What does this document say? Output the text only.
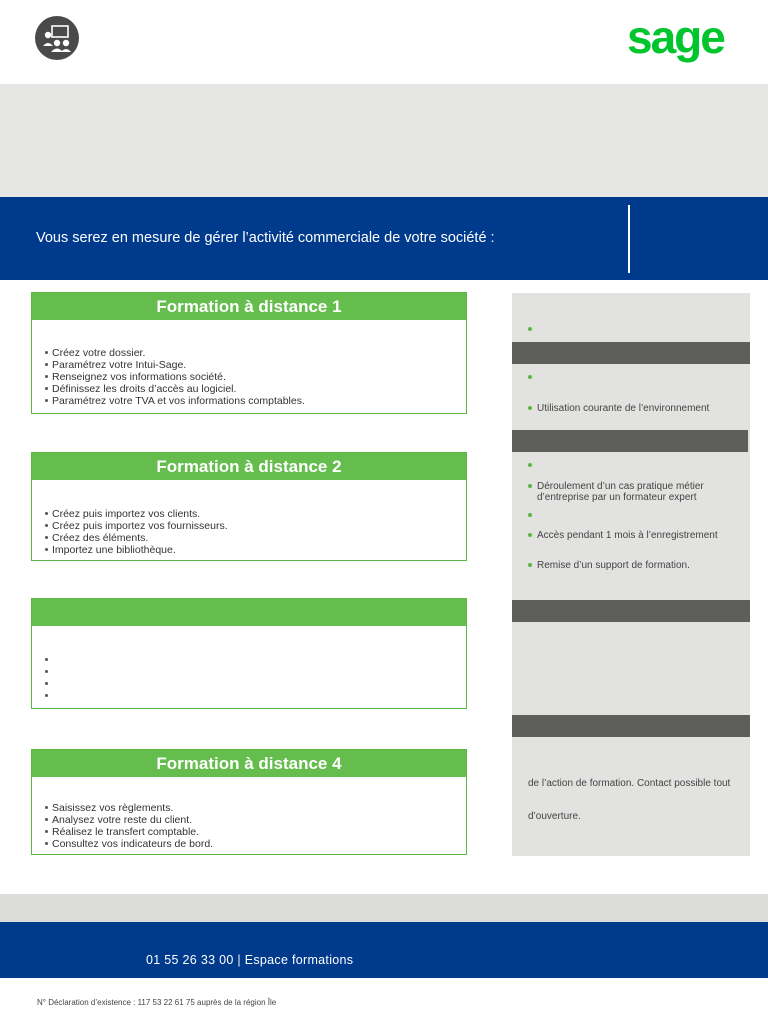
sage
Vous serez en mesure de gérer l’activité commerciale de votre société :
Formation à distance 1
Créez votre dossier.
Paramétrez votre Intui-Sage.
Renseignez vos informations société.
Définissez les droits d’accès au logiciel.
Paramétrez votre TVA et vos informations comptables.
Formation à distance 2
Créez puis importez vos clients.
Créez puis importez vos fournisseurs.
Créez des éléments.
Importez une bibliothèque.

Formation à distance 4
Saisissez vos règlements.
Analysez votre reste du client.
Réalisez le transfert comptable.
Consultez vos indicateurs de bord.
Utilisation courante de l’environnement
Déroulement d’un cas pratique métier d’entreprise par un formateur expert
Accès pendant 1 mois à l’enregistrement
Remise d’un support de formation.
de l’action de formation. Contact possible tout
d’ouverture.
01 55 26 33 00 | Espace formations
N° Déclaration d’existence : 117 53 22 61 75 auprès de la région Île
